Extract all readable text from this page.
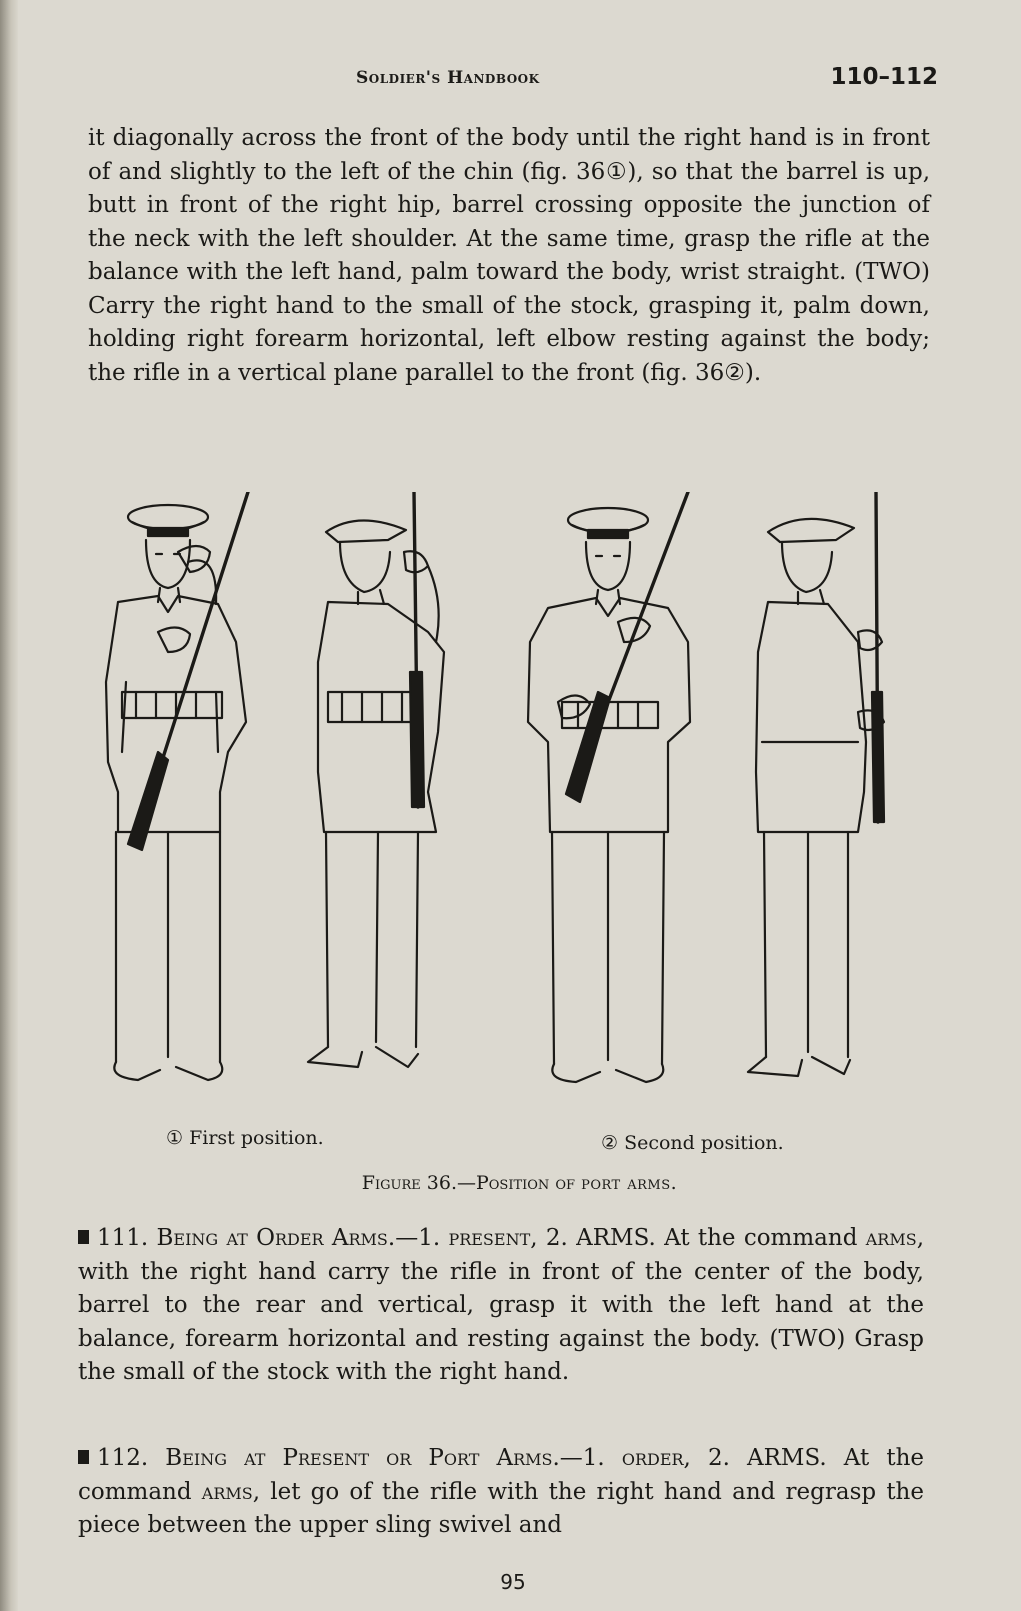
Soldier's Handbook	110–112

it diagonally across the front of the body until the right hand is in front of and slightly to the left of the chin (fig. 36①), so that the barrel is up, butt in front of the right hip, barrel crossing opposite the junction of the neck with the left shoulder. At the same time, grasp the rifle at the balance with the left hand, palm toward the body, wrist straight. (TWO) Carry the right hand to the small of the stock, grasping it, palm down, holding right forearm horizontal, left elbow resting against the body; the rifle in a vertical plane parallel to the front (fig. 36②).

① First position.	② Second position.
Figure 36.—Position of port arms.

111. Being at Order Arms.—1. present, 2. ARMS. At the command arms, with the right hand carry the rifle in front of the center of the body, barrel to the rear and vertical, grasp it with the left hand at the balance, forearm horizontal and resting against the body. (TWO) Grasp the small of the stock with the right hand.

112. Being at Present or Port Arms.—1. order, 2. ARMS. At the command arms, let go of the rifle with the right hand and regrasp the piece between the upper sling swivel and

95
